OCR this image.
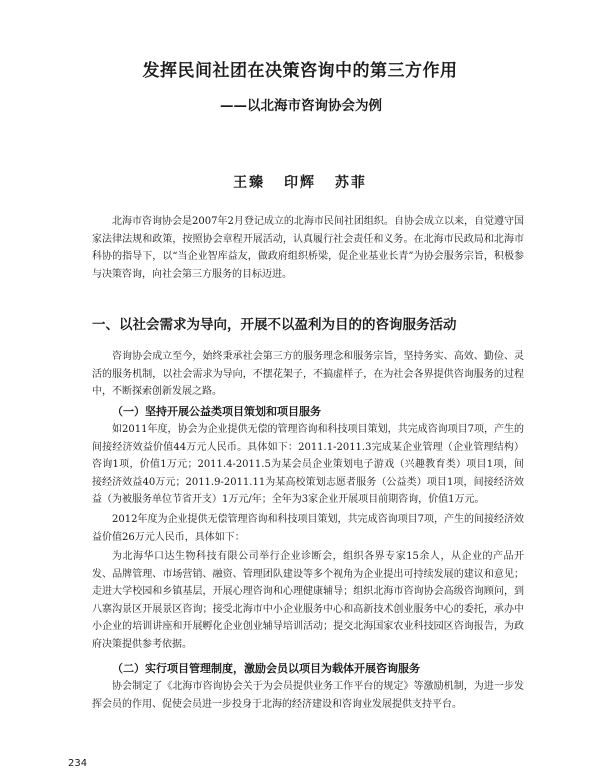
发挥民间社团在决策咨询中的第三方作用
——以北海市咨询协会为例
王臻 印辉 苏菲
北海市咨询协会是2007年2月登记成立的北海市民间社团组织。自协会成立以来，自觉遵守国家法律法规和政策，按照协会章程开展活动，认真履行社会责任和义务。在北海市民政局和北海市科协的指导下，以“当企业智库益友，做政府组织桥梁，促企业基业长青”为协会服务宗旨，积极参与决策咨询，向社会第三方服务的目标迈进。
一、以社会需求为导向，开展不以盈利为目的的咨询服务活动
咨询协会成立至今，始终秉承社会第三方的服务理念和服务宗旨，坚持务实、高效、勤俭、灵活的服务机制，以社会需求为导向，不摆花架子，不搞虚样子，在为社会各界提供咨询服务的过程中，不断探索创新发展之路。
（一）坚持开展公益类项目策划和项目服务
如2011年度，协会为企业提供无偿的管理咨询和科技项目策划，共完成咨询项目7项，产生的间接经济效益价值44万元人民币。具体如下：2011.1-2011.3完成某企业管理（企业管理结构）咨询1项，价值1万元；2011.4-2011.5为某会员企业策划电子游戏（兴趣教育类）项目1项，间接经济效益40万元；2011.9-2011.11为某高校策划志愿者服务（公益类）项目1项，间接经济效益（为被服务单位节省开支）1万元/年；全年为3家企业开展项目前期咨询，价值1万元。
2012年度为企业提供无偿管理咨询和科技项目策划，共完成咨询项目7项，产生的间接经济效益价值26万元人民币，具体如下：
为北海华口达生物科技有限公司举行企业诊断会，组织各界专家15余人，从企业的产品开发、品牌管理、市场营销、融资、管理团队建设等多个视角为企业提出可持续发展的建议和意见；走进大学校园和乡镇基层，开展心理咨询和心理健康辅导；组织北海市咨询协会高级咨询顾问，到八寨沟景区开展景区咨询；接受北海市中小企业服务中心和高新技术创业服务中心的委托，承办中小企业的培训讲座和开展孵化企业创业辅导培训活动；提交北海国家农业科技园区咨询报告，为政府决策提供参考依据。
（二）实行项目管理制度，激励会员以项目为载体开展咨询服务
协会制定了《北海市咨询协会关于为会员提供业务工作平台的规定》等激励机制，为进一步发挥会员的作用、促使会员进一步投身于北海的经济建设和咨询业发展提供支持平台。
234
